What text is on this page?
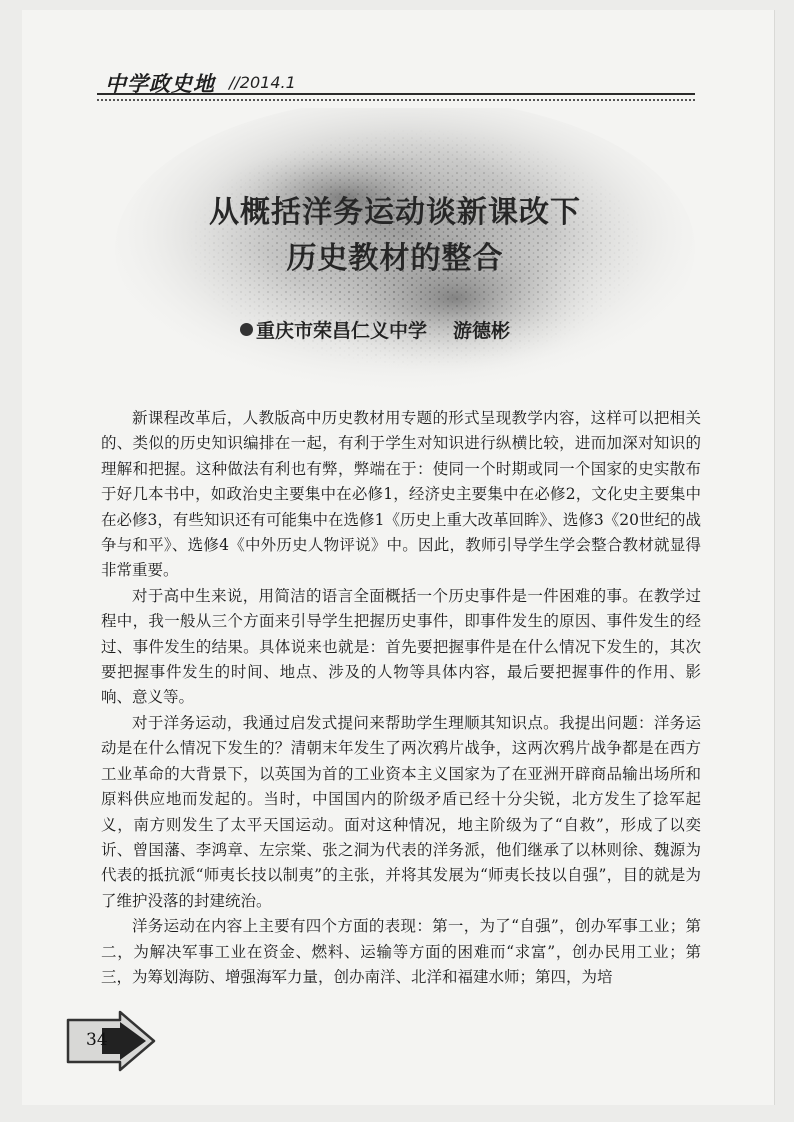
中学政史地 //2014.1
从概括洋务运动谈新课改下
历史教材的整合
重庆市荣昌仁义中学 游德彬

新课程改革后，人教版高中历史教材用专题的形式呈现教学内容，这样可以把相关的、类似的历史知识编排在一起，有利于学生对知识进行纵横比较，进而加深对知识的理解和把握。这种做法有利也有弊，弊端在于：使同一个时期或同一个国家的史实散布于好几本书中，如政治史主要集中在必修1，经济史主要集中在必修2，文化史主要集中在必修3，有些知识还有可能集中在选修1《历史上重大改革回眸》、选修3《20世纪的战争与和平》、选修4《中外历史人物评说》中。因此，教师引导学生学会整合教材就显得非常重要。

对于高中生来说，用简洁的语言全面概括一个历史事件是一件困难的事。在教学过程中，我一般从三个方面来引导学生把握历史事件，即事件发生的原因、事件发生的经过、事件发生的结果。具体说来也就是：首先要把握事件是在什么情况下发生的，其次要把握事件发生的时间、地点、涉及的人物等具体内容，最后要把握事件的作用、影响、意义等。

对于洋务运动，我通过启发式提问来帮助学生理顺其知识点。我提出问题：洋务运动是在什么情况下发生的？清朝末年发生了两次鸦片战争，这两次鸦片战争都是在西方工业革命的大背景下，以英国为首的工业资本主义国家为了在亚洲开辟商品输出场所和原料供应地而发起的。当时，中国国内的阶级矛盾已经十分尖锐，北方发生了捻军起义，南方则发生了太平天国运动。面对这种情况，地主阶级为了“自救”，形成了以奕䜣、曾国藩、李鸿章、左宗棠、张之洞为代表的洋务派，他们继承了以林则徐、魏源为代表的抵抗派“师夷长技以制夷”的主张，并将其发展为“师夷长技以自强”，目的就是为了维护没落的封建统治。

洋务运动在内容上主要有四个方面的表现：第一，为了“自强”，创办军事工业；第二，为解决军事工业在资金、燃料、运输等方面的困难而“求富”，创办民用工业；第三，为筹划海防、增强海军力量，创办南洋、北洋和福建水师；第四，为培

34
